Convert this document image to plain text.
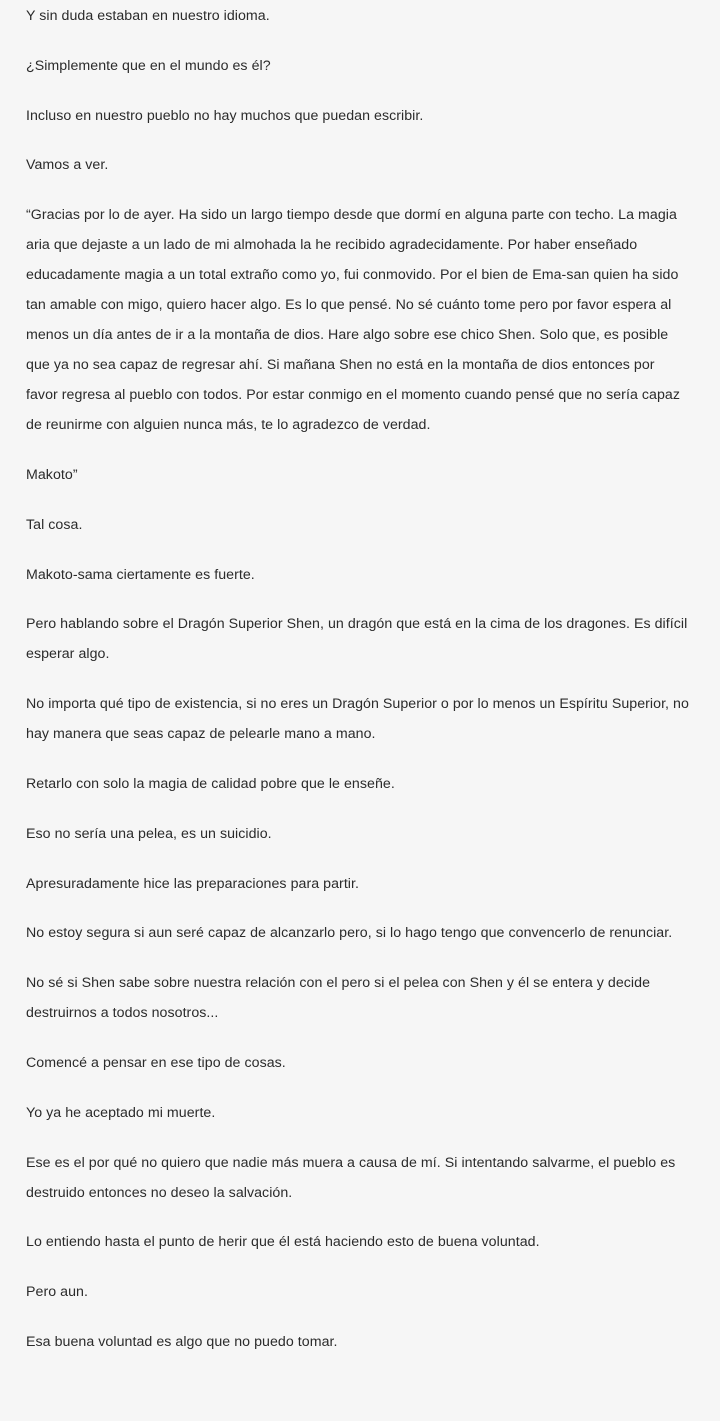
Y sin duda estaban en nuestro idioma.

¿Simplemente que en el mundo es él?

Incluso en nuestro pueblo no hay muchos que puedan escribir.

Vamos a ver.

“Gracias por lo de ayer. Ha sido un largo tiempo desde que dormí en alguna parte con techo. La magia aria que dejaste a un lado de mi almohada la he recibido agradecidamente. Por haber enseñado educadamente magia a un total extraño como yo, fui conmovido. Por el bien de Ema-san quien ha sido tan amable con migo, quiero hacer algo. Es lo que pensé. No sé cuánto tome pero por favor espera al menos un día antes de ir a la montaña de dios. Hare algo sobre ese chico Shen. Solo que, es posible que ya no sea capaz de regresar ahí. Si mañana Shen no está en la montaña de dios entonces por favor regresa al pueblo con todos. Por estar conmigo en el momento cuando pensé que no sería capaz de reunirme con alguien nunca más, te lo agradezco de verdad.

Makoto”

Tal cosa.

Makoto-sama ciertamente es fuerte.

Pero hablando sobre el Dragón Superior Shen, un dragón que está en la cima de los dragones. Es difícil esperar algo.

No importa qué tipo de existencia, si no eres un Dragón Superior o por lo menos un Espíritu Superior, no hay manera que seas capaz de pelearle mano a mano.

Retarlo con solo la magia de calidad pobre que le enseñe.

Eso no sería una pelea, es un suicidio.

Apresuradamente hice las preparaciones para partir.

No estoy segura si aun seré capaz de alcanzarlo pero, si lo hago tengo que convencerlo de renunciar.

No sé si Shen sabe sobre nuestra relación con el pero si el pelea con Shen y él se entera y decide destruirnos a todos nosotros...

Comencé a pensar en ese tipo de cosas.

Yo ya he aceptado mi muerte.

Ese es el por qué no quiero que nadie más muera a causa de mí. Si intentando salvarme, el pueblo es destruido entonces no deseo la salvación.

Lo entiendo hasta el punto de herir que él está haciendo esto de buena voluntad.

Pero aun.

Esa buena voluntad es algo que no puedo tomar.
